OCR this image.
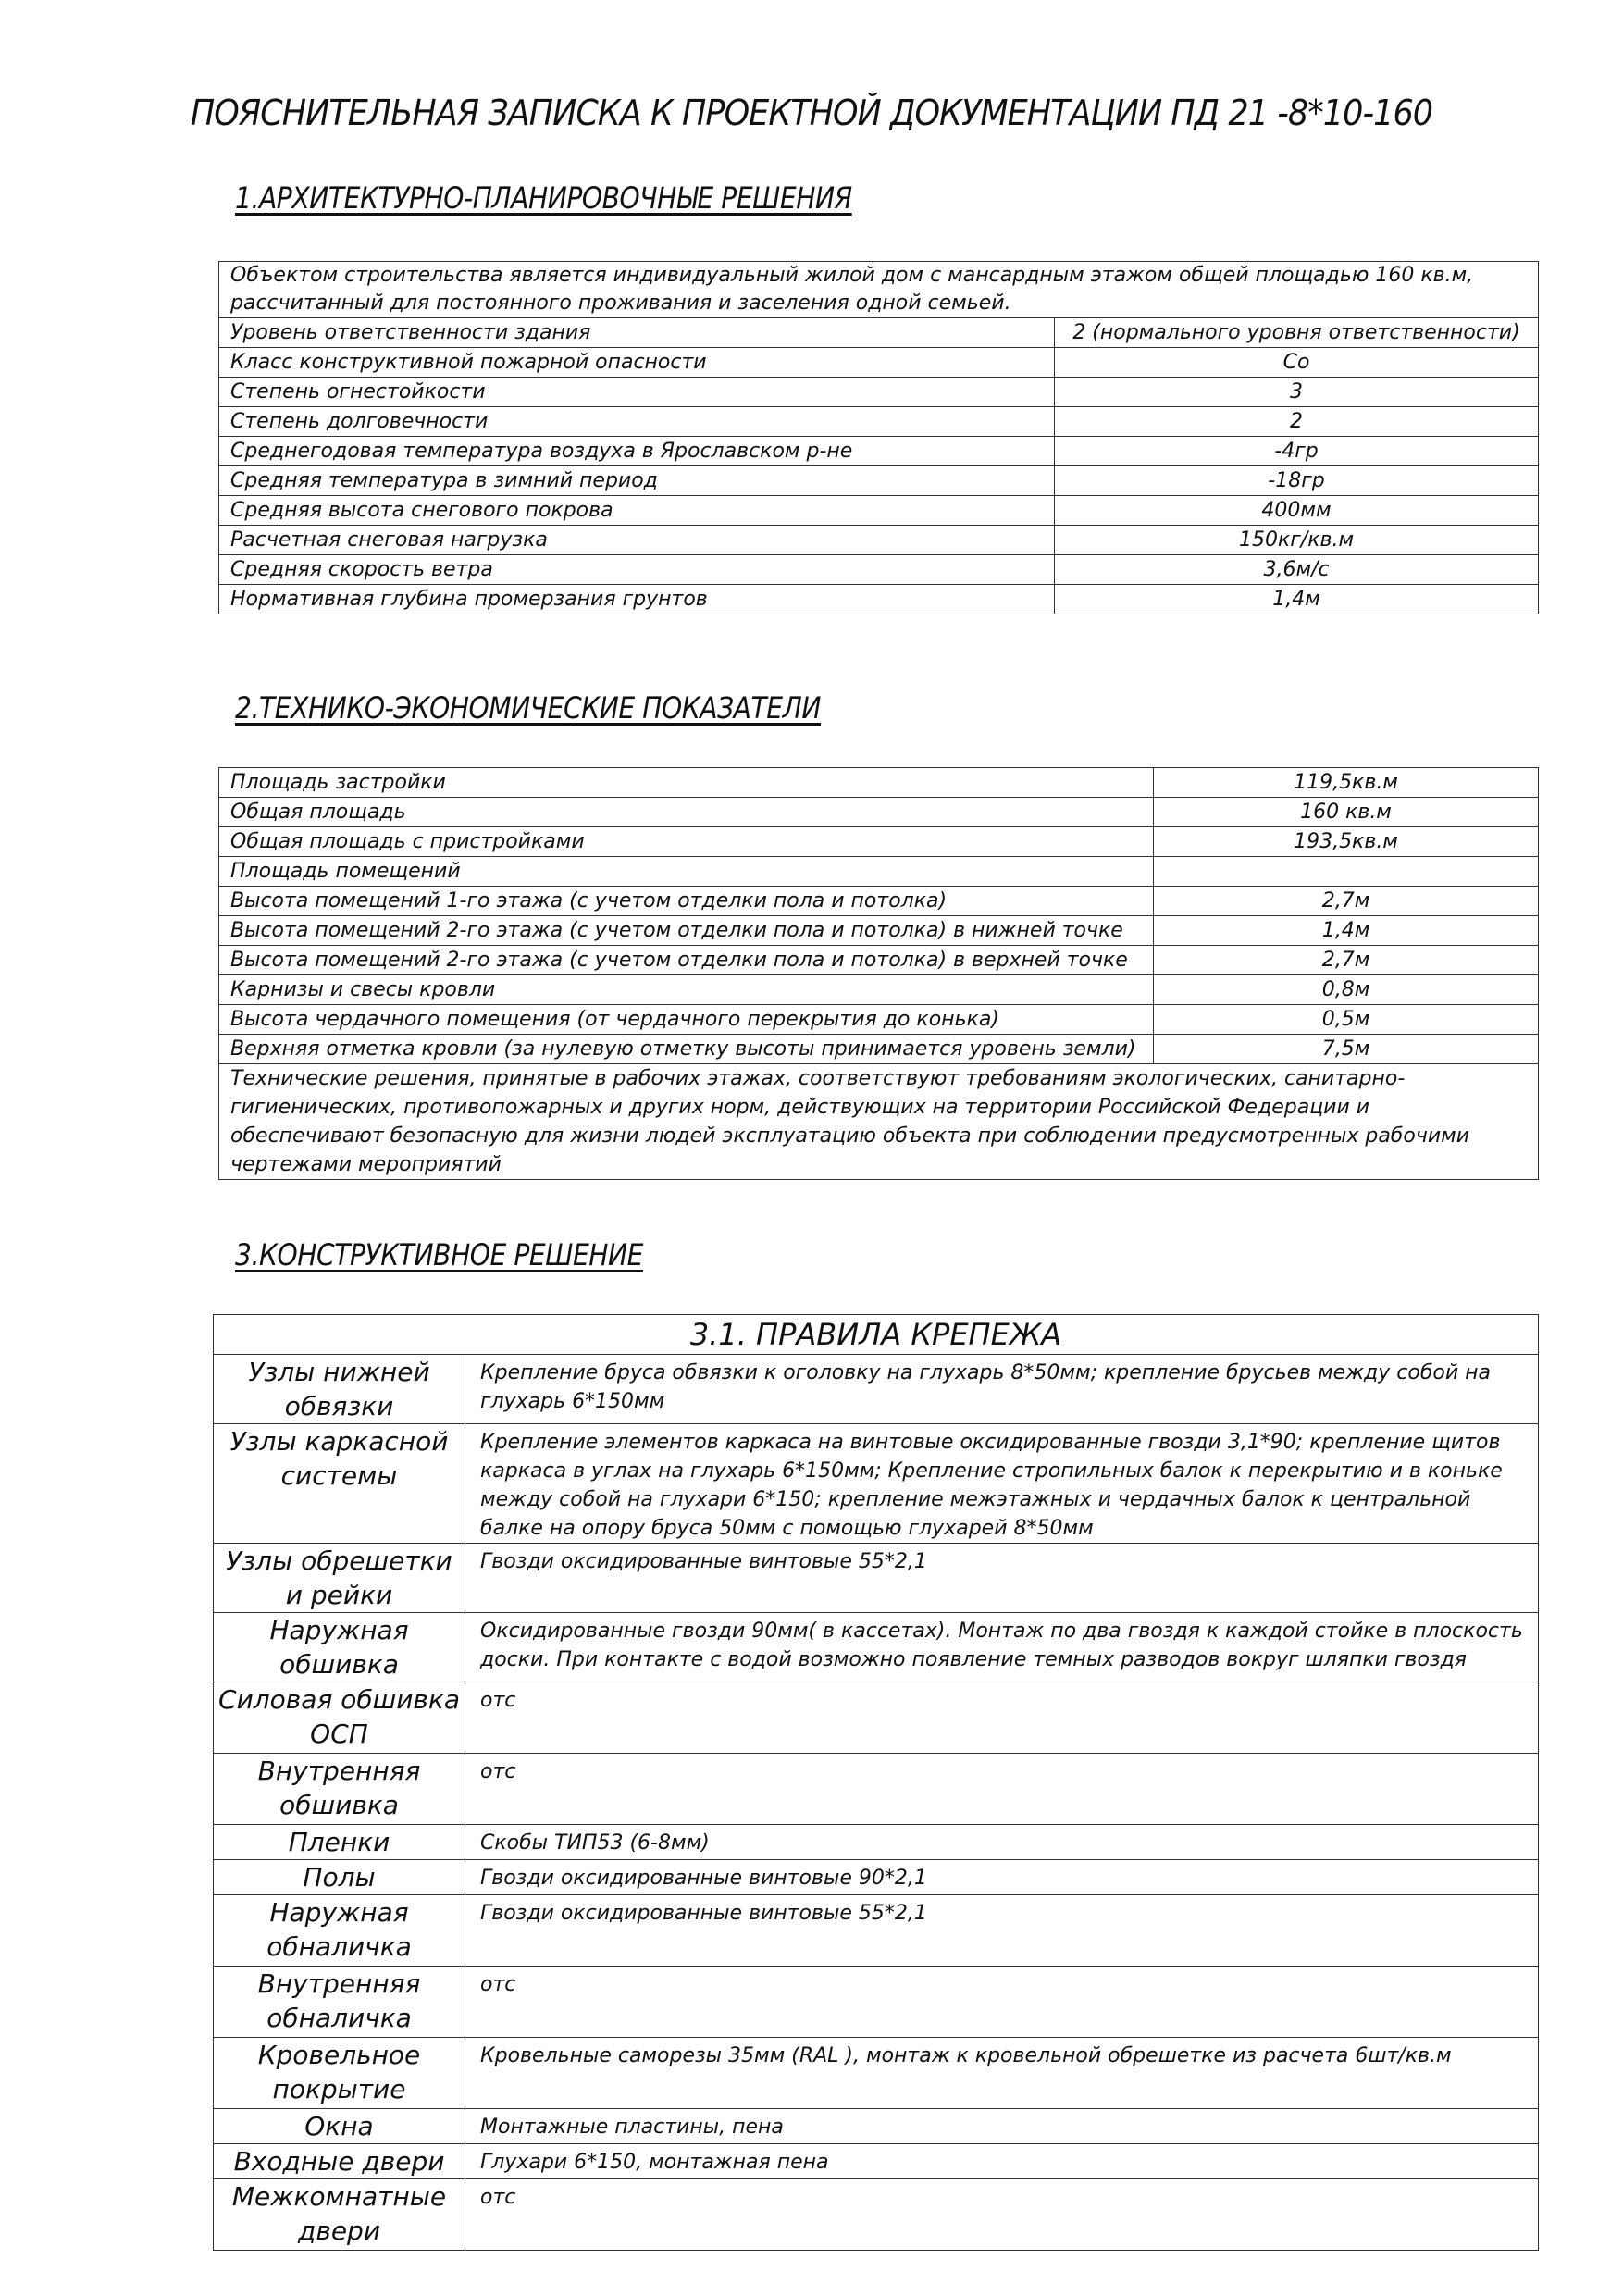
ПОЯСНИТЕЛЬНАЯ ЗАПИСКА К ПРОЕКТНОЙ ДОКУМЕНТАЦИИ ПД 21 -8*10-160
1.АРХИТЕКТУРНО-ПЛАНИРОВОЧНЫЕ РЕШЕНИЯ
Объектом строительства является индивидуальный жилой дом с мансардным этажом общей площадью 160 кв.м, рассчитанный для постоянного проживания и заселения одной семьей.	
Уровень ответственности здания	2 (нормального уровня ответственности)
Класс конструктивной пожарной опасности	Со
Степень огнестойкости	3
Степень долговечности	2
Среднегодовая температура воздуха в Ярославском р-не	-4гр
Средняя температура в зимний период	-18гр
Средняя высота снегового покрова	400мм
Расчетная снеговая нагрузка	150кг/кв.м
Средняя скорость ветра	3,6м/с
Нормативная глубина промерзания грунтов	1,4м
2.ТЕХНИКО-ЭКОНОМИЧЕСКИЕ ПОКАЗАТЕЛИ
Площадь застройки	119,5кв.м
Общая площадь	160 кв.м
Общая площадь с пристройками	193,5кв.м
Площадь помещений	
Высота помещений 1-го этажа (с учетом отделки пола и потолка)	2,7м
Высота помещений 2-го этажа (с учетом отделки пола и потолка) в нижней точке	1,4м
Высота помещений 2-го этажа (с учетом отделки пола и потолка) в верхней точке	2,7м
Карнизы и свесы кровли	0,8м
Высота чердачного помещения (от чердачного перекрытия до конька)	0,5м
Верхняя отметка кровли (за нулевую отметку высоты принимается уровень земли)	7,5м
Технические решения, принятые в рабочих этажах, соответствуют требованиям экологических, санитарно-гигиенических, противопожарных и других норм, действующих на территории Российской Федерации и обеспечивают безопасную для жизни людей эксплуатацию объекта при соблюдении предусмотренных рабочими чертежами мероприятий	
3.КОНСТРУКТИВНОЕ РЕШЕНИЕ
3.1. ПРАВИЛА КРЕПЕЖА	
Узлы нижней обвязки	Крепление бруса обвязки к оголовку на глухарь 8*50мм; крепление брусьев между собой на глухарь 6*150мм
Узлы каркасной системы	Крепление элементов каркаса на винтовые оксидированные гвозди 3,1*90; крепление щитов каркаса в углах на глухарь 6*150мм; Крепление стропильных балок к перекрытию и в коньке между собой на глухари 6*150; крепление межэтажных и чердачных балок к центральной балке на опору бруса 50мм с помощью глухарей 8*50мм
Узлы обрешетки и рейки	Гвозди оксидированные винтовые 55*2,1
Наружная обшивка	Оксидированные гвозди 90мм( в кассетах). Монтаж по два гвоздя к каждой стойке в плоскость доски. При контакте с водой возможно появление темных разводов вокруг шляпки гвоздя
Силовая обшивка ОСП	отс
Внутренняя обшивка	отс
Пленки	Скобы ТИП53 (6-8мм)
Полы	Гвозди оксидированные винтовые 90*2,1
Наружная обналичка	Гвозди оксидированные винтовые 55*2,1
Внутренняя обналичка	отс
Кровельное покрытие	Кровельные саморезы 35мм (RAL ), монтаж к кровельной обрешетке из расчета 6шт/кв.м
Окна	Монтажные пластины, пена
Входные двери	Глухари 6*150, монтажная пена
Межкомнатные двери	отс
